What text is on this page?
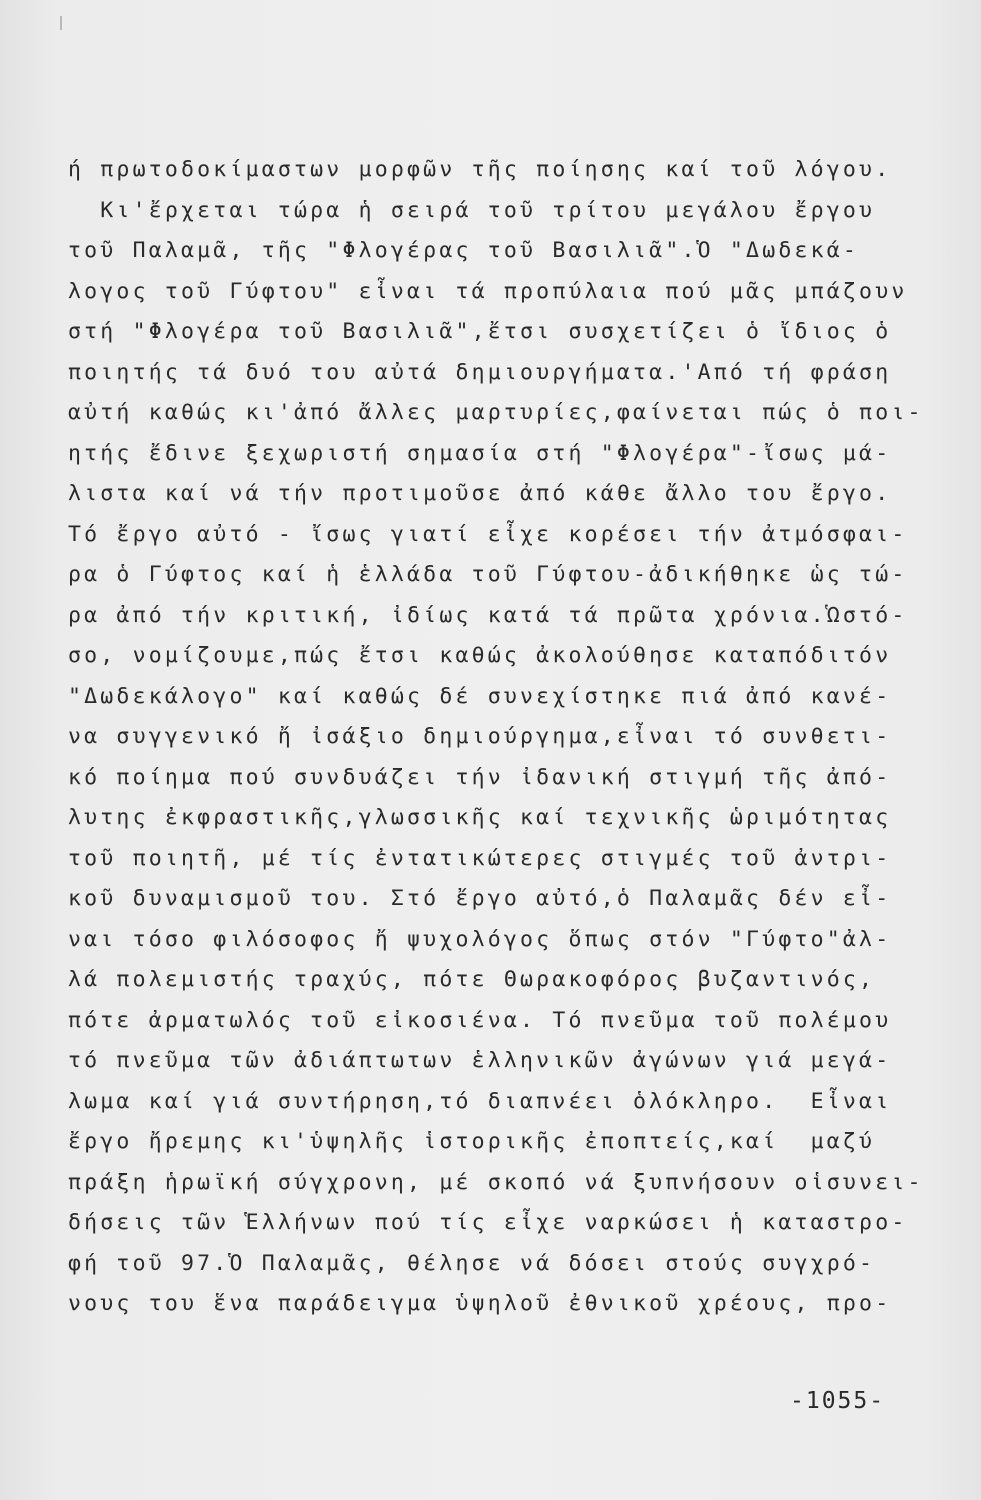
ή πρωτοδοκίμαστων μορφῶν τῆς ποίησης καί τοῦ λόγου.
Κι'ἔρχεται τώρα ἡ σειρά τοῦ τρίτου μεγάλου ἔργου
τοῦ Παλαμᾶ, τῆς "Φλογέρας τοῦ Βασιλιᾶ".Ὁ "Δωδεκά-
λογος τοῦ Γύφτου" εἶναι τά προπύλαια πού μᾶς μπάζουν
στή "Φλογέρα τοῦ Βασιλιᾶ",ἔτσι συσχετίζει ὁ ἴδιος ὁ
ποιητής τά δυό του αὐτά δημιουργήματα.'Από τή φράση
αὐτή καθώς κι'ἀπό ἄλλες μαρτυρίες,φαίνεται πώς ὁ ποι-
ητής ἔδινε ξεχωριστή σημασία στή "Φλογέρα"-ἴσως μά-
λιστα καί νά τήν προτιμοῦσε ἀπό κάθε ἄλλο του ἔργο.
Τό ἔργο αὐτό - ἴσως γιατί εἶχε κορέσει τήν ἀτμόσφαι-
ρα ὁ Γύφτος καί ἡ ἑλλάδα τοῦ Γύφτου-ἀδικήθηκε ὡς τώ-
ρα ἀπό τήν κριτική, ἰδίως κατά τά πρῶτα χρόνια.Ὡστό-
σο, νομίζουμε,πώς ἔτσι καθώς ἀκολούθησε καταπόδιτόν
"Δωδεκάλογο" καί καθώς δέ συνεχίστηκε πιά ἀπό κανέ-
να συγγενικό ἤ ἰσάξιο δημιούργημα,εἶναι τό συνθετι-
κό ποίημα πού συνδυάζει τήν ἰδανική στιγμή τῆς ἀπό-
λυτης ἐκφραστικῆς,γλωσσικῆς καί τεχνικῆς ὡριμότητας
τοῦ ποιητῆ, μέ τίς ἐντατικώτερες στιγμές τοῦ ἀντρι-
κοῦ δυναμισμοῦ του. Στό ἔργο αὐτό,ὁ Παλαμᾶς δέν εἶ-
ναι τόσο φιλόσοφος ἤ ψυχολόγος ὅπως στόν "Γύφτο"ἀλ-
λά πολεμιστής τραχύς, πότε Θωρακοφόρος βυζαντινός,
πότε ἀρματωλός τοῦ εἰκοσιένα. Τό πνεῦμα τοῦ πολέμου
τό πνεῦμα τῶν ἀδιάπτωτων ἑλληνικῶν ἀγώνων γιά μεγά-
λωμα καί γιά συντήρηση,τό διαπνέει ὁλόκληρο.  Εἶναι
ἔργο ἤρεμης κι'ὑψηλῆς ἱστορικῆς ἐποπτείς,καί  μαζύ
πράξη ἡρωϊκή σύγχρονη, μέ σκοπό νά ξυπνήσουν οἱσυνει-
δήσεις τῶν Ἑλλήνων πού τίς εἶχε ναρκώσει ἡ καταστρο-
φή τοῦ 97.Ὁ Παλαμᾶς, θέλησε νά δόσει στούς συγχρό-
νους του ἕνα παράδειγμα ὑψηλοῦ ἐθνικοῦ χρέους, προ-
-1055-
